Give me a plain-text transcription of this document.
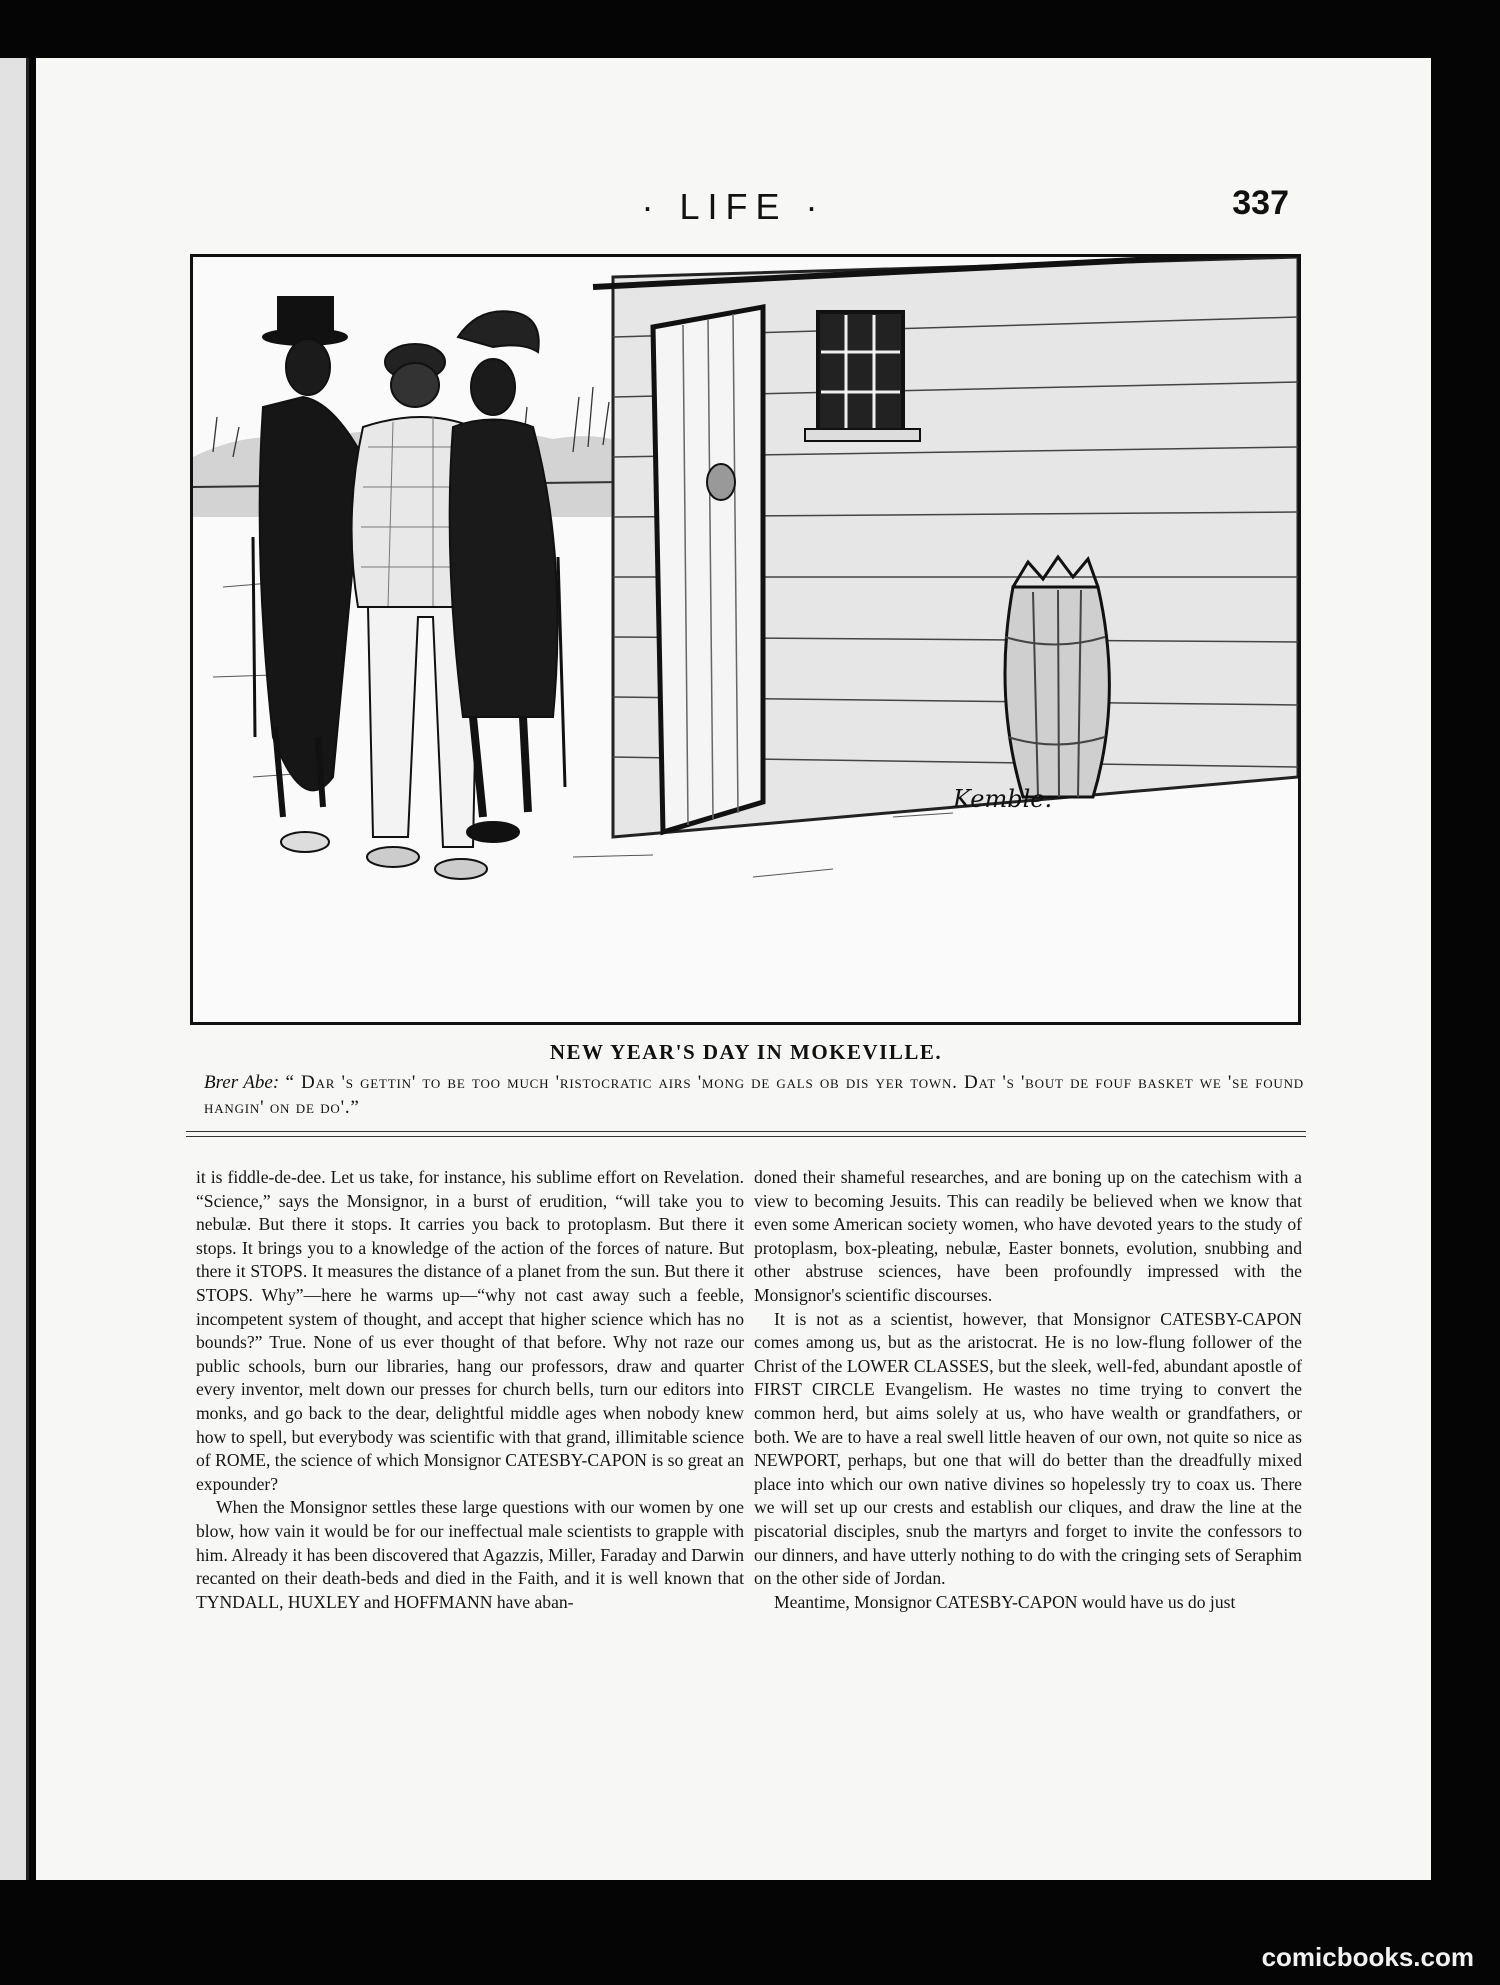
· LIFE ·	337
Kemble.
NEW YEAR'S DAY IN MOKEVILLE.
Brer Abe: “ Dar 's gettin' to be too much 'ristocratic airs 'mong de gals ob dis yer town. Dat 's 'bout de fouf basket we 'se found hangin' on de do'.”

it is fiddle-de-dee. Let us take, for instance, his sublime effort on Revelation. “Science,” says the Monsignor, in a burst of erudition, “will take you to nebulæ. But there it stops. It carries you back to protoplasm. But there it stops. It brings you to a knowledge of the action of the forces of nature. But there it STOPS. It measures the distance of a planet from the sun. But there it STOPS. Why”—here he warms up—“why not cast away such a feeble, incompetent system of thought, and accept that higher science which has no bounds?” True. None of us ever thought of that before. Why not raze our public schools, burn our libraries, hang our professors, draw and quarter every inventor, melt down our presses for church bells, turn our editors into monks, and go back to the dear, delightful middle ages when nobody knew how to spell, but everybody was scientific with that grand, illimitable science of ROME, the science of which Monsignor CATESBY-CAPON is so great an expounder?

When the Monsignor settles these large questions with our women by one blow, how vain it would be for our ineffectual male scientists to grapple with him. Already it has been discovered that Agazzis, Miller, Faraday and Darwin recanted on their death-beds and died in the Faith, and it is well known that TYNDALL, HUXLEY and HOFFMANN have aban-

doned their shameful researches, and are boning up on the catechism with a view to becoming Jesuits. This can readily be believed when we know that even some American society women, who have devoted years to the study of protoplasm, box-pleating, nebulæ, Easter bonnets, evolution, snubbing and other abstruse sciences, have been profoundly impressed with the Monsignor's scientific discourses.

It is not as a scientist, however, that Monsignor CATESBY-CAPON comes among us, but as the aristocrat. He is no low-flung follower of the Christ of the LOWER CLASSES, but the sleek, well-fed, abundant apostle of FIRST CIRCLE Evangelism. He wastes no time trying to convert the common herd, but aims solely at us, who have wealth or grandfathers, or both. We are to have a real swell little heaven of our own, not quite so nice as NEWPORT, perhaps, but one that will do better than the dreadfully mixed place into which our own native divines so hopelessly try to coax us. There we will set up our crests and establish our cliques, and draw the line at the piscatorial disciples, snub the martyrs and forget to invite the confessors to our dinners, and have utterly nothing to do with the cringing sets of Seraphim on the other side of Jordan.

Meantime, Monsignor CATESBY-CAPON would have us do just

comicbooks.com
